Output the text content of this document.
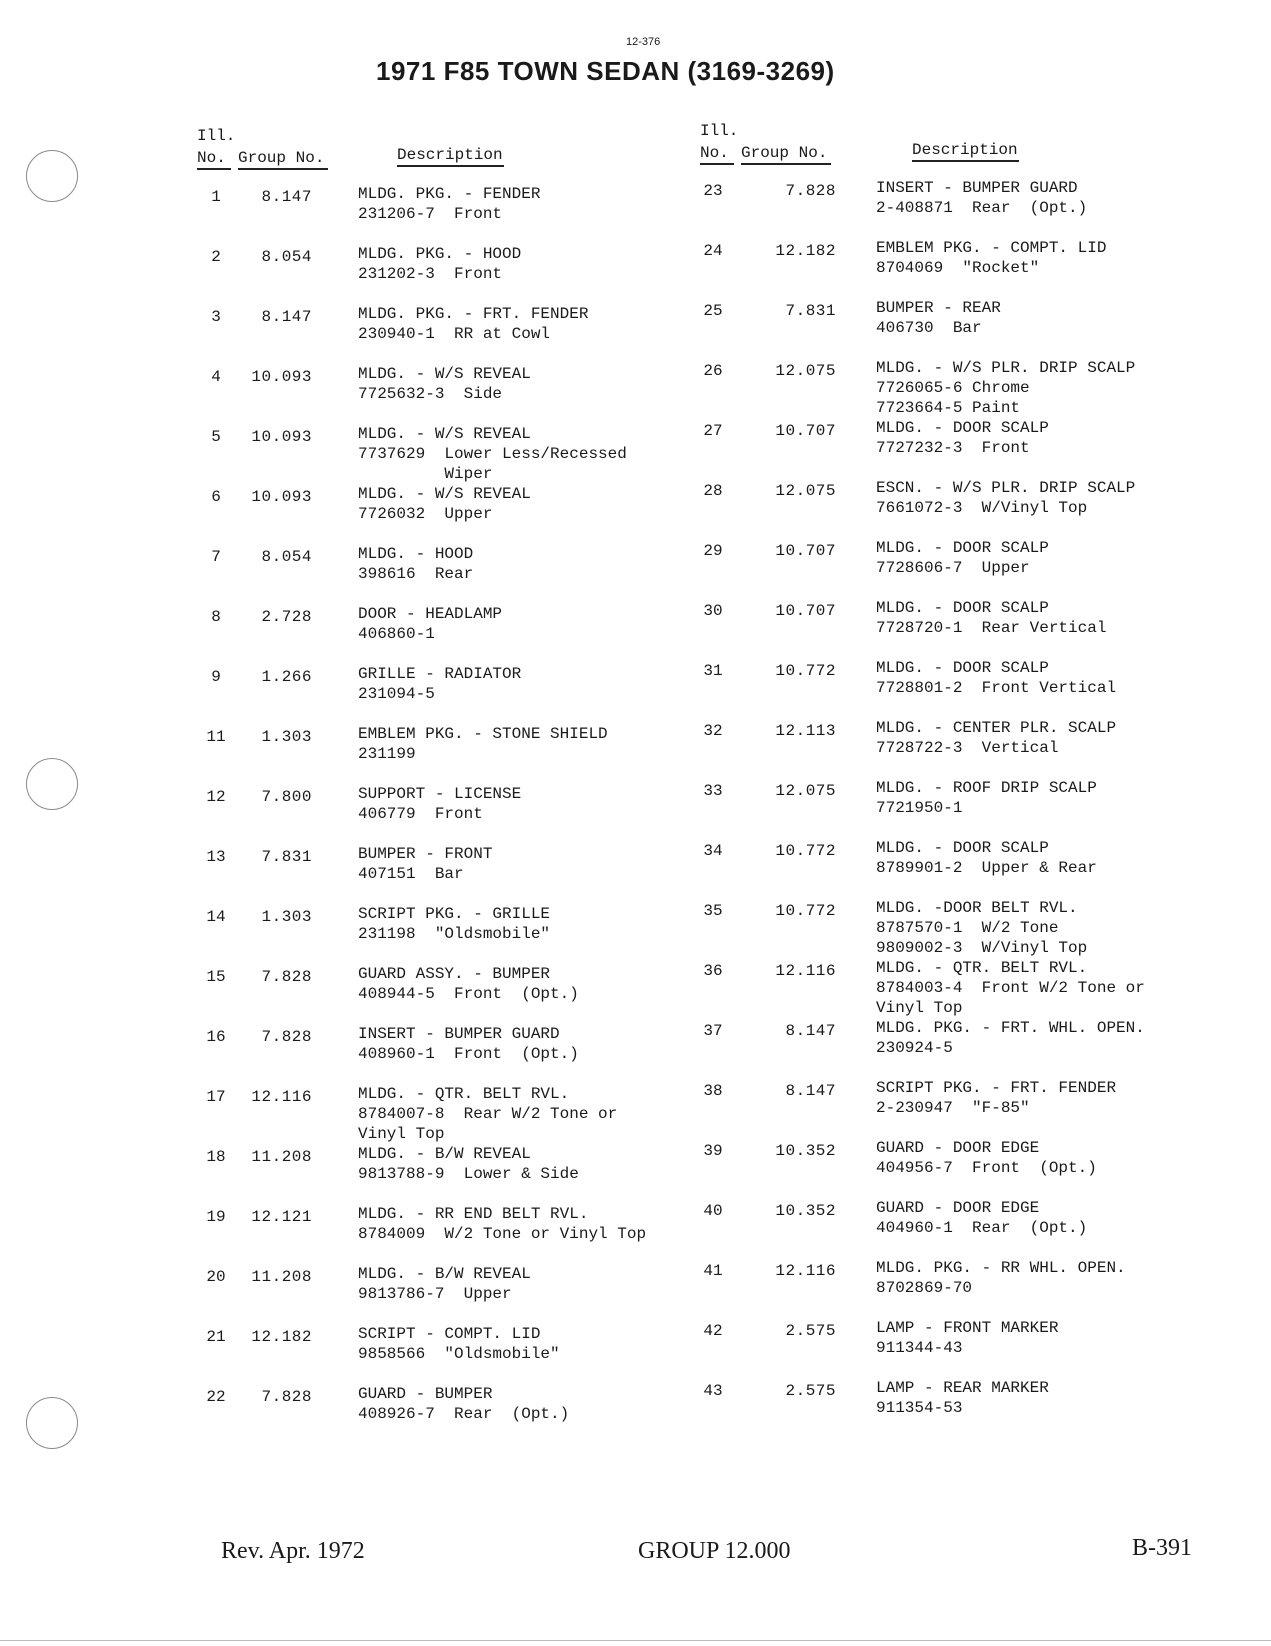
12-376
1971 F85 TOWN SEDAN (3169-3269)
Ill.
No. Group No.	Description
Ill.
No. Group No.	Description
1	8.147	MLDG. PKG. - FENDER
231206-7  Front
2	8.054	MLDG. PKG. - HOOD
231202-3  Front
3	8.147	MLDG. PKG. - FRT. FENDER
230940-1  RR at Cowl
4	10.093	MLDG. - W/S REVEAL
7725632-3  Side
5	10.093	MLDG. - W/S REVEAL
7737629  Lower Less/Recessed
Wiper
6	10.093	MLDG. - W/S REVEAL
7726032  Upper
7	8.054	MLDG. - HOOD
398616  Rear
8	2.728	DOOR - HEADLAMP
406860-1
9	1.266	GRILLE - RADIATOR
231094-5
11	1.303	EMBLEM PKG. - STONE SHIELD
231199
12	7.800	SUPPORT - LICENSE
406779  Front
13	7.831	BUMPER - FRONT
407151  Bar
14	1.303	SCRIPT PKG. - GRILLE
231198  "Oldsmobile"
15	7.828	GUARD ASSY. - BUMPER
408944-5  Front  (Opt.)
16	7.828	INSERT - BUMPER GUARD
408960-1  Front  (Opt.)
17	12.116	MLDG. - QTR. BELT RVL.
8784007-8  Rear W/2 Tone or
Vinyl Top
18	11.208	MLDG. - B/W REVEAL
9813788-9  Lower & Side
19	12.121	MLDG. - RR END BELT RVL.
8784009  W/2 Tone or Vinyl Top
20	11.208	MLDG. - B/W REVEAL
9813786-7  Upper
21	12.182	SCRIPT - COMPT. LID
9858566  "Oldsmobile"
22	7.828	GUARD - BUMPER
408926-7  Rear  (Opt.)
23	7.828	INSERT - BUMPER GUARD
2-408871  Rear  (Opt.)
24	12.182	EMBLEM PKG. - COMPT. LID
8704069  "Rocket"
25	7.831	BUMPER - REAR
406730  Bar
26	12.075	MLDG. - W/S PLR. DRIP SCALP
7726065-6 Chrome
7723664-5 Paint
27	10.707	MLDG. - DOOR SCALP
7727232-3  Front
28	12.075	ESCN. - W/S PLR. DRIP SCALP
7661072-3  W/Vinyl Top
29	10.707	MLDG. - DOOR SCALP
7728606-7  Upper
30	10.707	MLDG. - DOOR SCALP
7728720-1  Rear Vertical
31	10.772	MLDG. - DOOR SCALP
7728801-2  Front Vertical
32	12.113	MLDG. - CENTER PLR. SCALP
7728722-3  Vertical
33	12.075	MLDG. - ROOF DRIP SCALP
7721950-1
34	10.772	MLDG. - DOOR SCALP
8789901-2  Upper & Rear
35	10.772	MLDG. -DOOR BELT RVL.
8787570-1  W/2 Tone
9809002-3  W/Vinyl Top
36	12.116	MLDG. - QTR. BELT RVL.
8784003-4  Front W/2 Tone or
Vinyl Top
37	8.147	MLDG. PKG. - FRT. WHL. OPEN.
230924-5
38	8.147	SCRIPT PKG. - FRT. FENDER
2-230947  "F-85"
39	10.352	GUARD - DOOR EDGE
404956-7  Front  (Opt.)
40	10.352	GUARD - DOOR EDGE
404960-1  Rear  (Opt.)
41	12.116	MLDG. PKG. - RR WHL. OPEN.
8702869-70
42	2.575	LAMP - FRONT MARKER
911344-43
43	2.575	LAMP - REAR MARKER
911354-53
Rev. Apr. 1972	GROUP 12.000	B-391
